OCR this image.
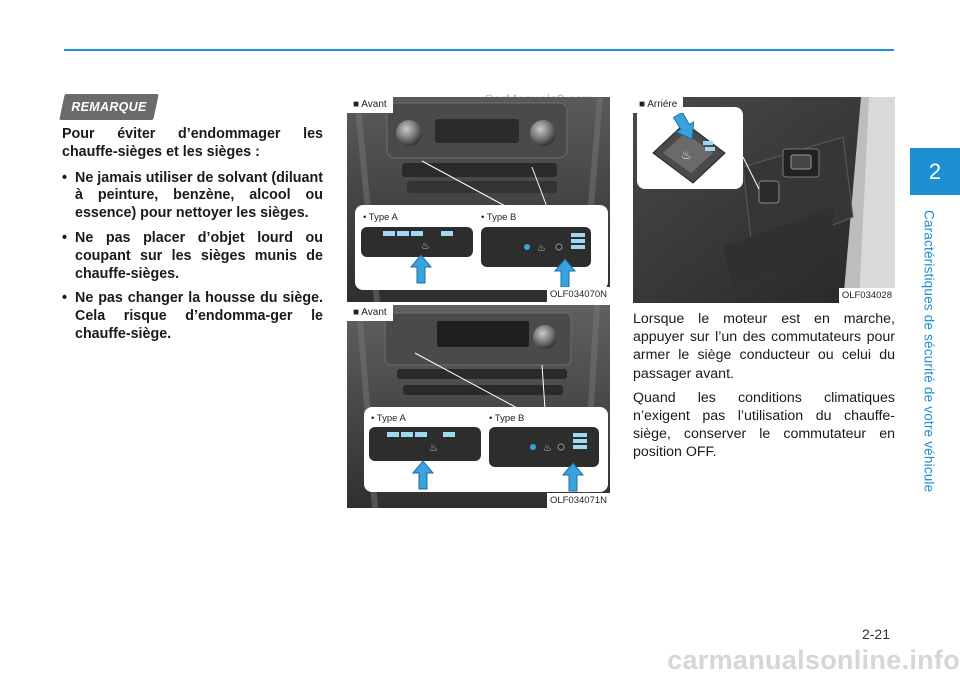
2
Caractéristiques de sécurité de votre véhicule
REMARQUE

Pour éviter d’endommager les chauffe-sièges et les sièges :

• Ne jamais utiliser de solvant (diluant à peinture, benzène, alcool ou essence) pour nettoyer les sièges.
• Ne pas placer d’objet lourd ou coupant sur les sièges munis de chauffe-sièges.
• Ne pas changer la housse du siège. Cela risque d’endomma-ger le chauffe-siège.
• Type A	• Type B
♨	♨
■ Avant
OLF034070N
• Type A	• Type B
♨	♨
■ Avant
OLF034071N
♨
■ Arriére
OLF034028

Lorsque le moteur est en marche, appuyer sur l’un des commutateurs pour armer le siège conducteur ou celui du passager avant.

Quand les conditions climatiques n’exigent pas l’utilisation du chauffe-siège, conserver le commutateur en position OFF.

2-21
carmanualsonline.info
